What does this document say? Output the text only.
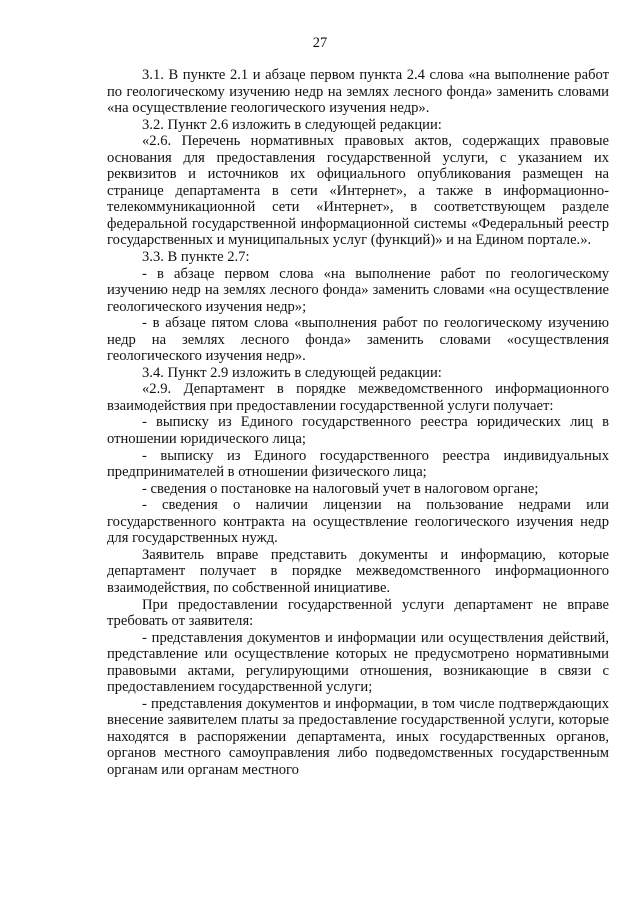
27

3.1. В пункте 2.1 и абзаце первом пункта 2.4 слова «на выполнение работ по геологическому изучению недр на землях лесного фонда» заменить словами «на осуществление геологического изучения недр».

3.2. Пункт 2.6 изложить в следующей редакции:

«2.6. Перечень нормативных правовых актов, содержащих правовые основания для предоставления государственной услуги, с указанием их реквизитов и источников их официального опубликования размещен на странице департамента в сети «Интернет», а также в информационно-телекоммуникационной сети «Интернет», в соответствующем разделе федеральной государственной информационной системы «Федеральный реестр государственных и муниципальных услуг (функций)» и на Едином портале.».

3.3. В пункте 2.7:

- в абзаце первом слова «на выполнение работ по геологическому изучению недр на землях лесного фонда» заменить словами «на осуществление геологического изучения недр»;

- в абзаце пятом слова «выполнения работ по геологическому изучению недр на землях лесного фонда» заменить словами «осуществления геологического изучения недр».

3.4. Пункт 2.9 изложить в следующей редакции:

«2.9. Департамент в порядке межведомственного информационного взаимодействия при предоставлении государственной услуги получает:

- выписку из Единого государственного реестра юридических лиц в отношении юридического лица;

- выписку из Единого государственного реестра индивидуальных предпринимателей в отношении физического лица;

- сведения о постановке на налоговый учет в налоговом органе;

- сведения о наличии лицензии на пользование недрами или государственного контракта на осуществление геологического изучения недр для государственных нужд.

Заявитель вправе представить документы и информацию, которые департамент получает в порядке межведомственного информационного взаимодействия, по собственной инициативе.

При предоставлении государственной услуги департамент не вправе требовать от заявителя:

- представления документов и информации или осуществления действий, представление или осуществление которых не предусмотрено нормативными правовыми актами, регулирующими отношения, возникающие в связи с предоставлением государственной услуги;

- представления документов и информации, в том числе подтверждающих внесение заявителем платы за предоставление государственной услуги, которые находятся в распоряжении департамента, иных государственных органов, органов местного самоуправления либо подведомственных государственным органам или органам местного
